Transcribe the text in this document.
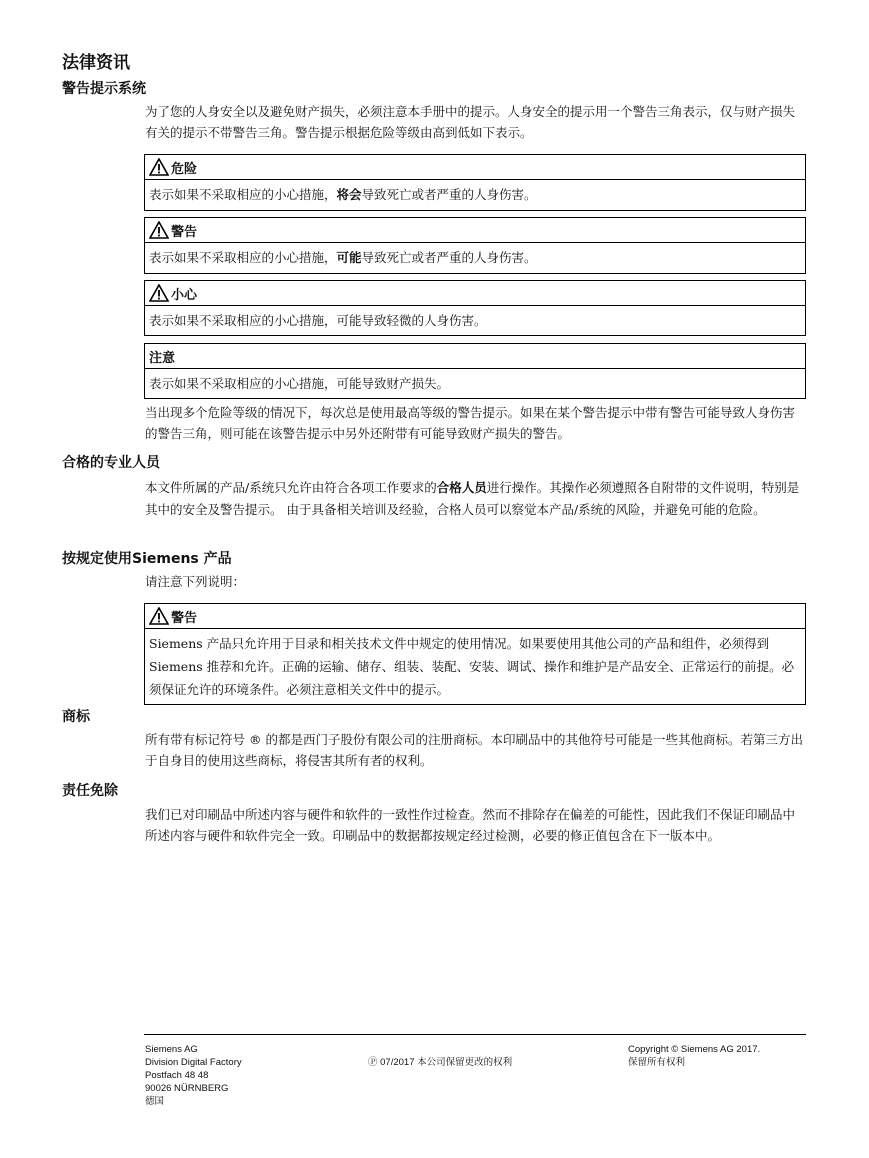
法律资讯
警告提示系统
为了您的人身安全以及避免财产损失，必须注意本手册中的提示。人身安全的提示用一个警告三角表示，仅与财产损失有关的提示不带警告三角。警告提示根据危险等级由高到低如下表示。
危险
表示如果不采取相应的小心措施，将会导致死亡或者严重的人身伤害。
警告
表示如果不采取相应的小心措施，可能导致死亡或者严重的人身伤害。
小心
表示如果不采取相应的小心措施，可能导致轻微的人身伤害。
注意
表示如果不采取相应的小心措施，可能导致财产损失。
当出现多个危险等级的情况下，每次总是使用最高等级的警告提示。如果在某个警告提示中带有警告可能导致人身伤害的警告三角，则可能在该警告提示中另外还附带有可能导致财产损失的警告。
合格的专业人员
本文件所属的产品/系统只允许由符合各项工作要求的合格人员进行操作。其操作必须遵照各自附带的文件说明，特别是其中的安全及警告提示。 由于具备相关培训及经验，合格人员可以察觉本产品/系统的风险，并避免可能的危险。
按规定使用Siemens 产品
请注意下列说明：
警告
Siemens 产品只允许用于目录和相关技术文件中规定的使用情况。如果要使用其他公司的产品和组件，必须得到 Siemens 推荐和允许。正确的运输、储存、组装、装配、安装、调试、操作和维护是产品安全、正常运行的前提。必须保证允许的环境条件。必须注意相关文件中的提示。
商标
所有带有标记符号 ® 的都是西门子股份有限公司的注册商标。本印刷品中的其他符号可能是一些其他商标。若第三方出于自身目的使用这些商标，将侵害其所有者的权利。
责任免除
我们已对印刷品中所述内容与硬件和软件的一致性作过检查。然而不排除存在偏差的可能性，因此我们不保证印刷品中所述内容与硬件和软件完全一致。印刷品中的数据都按规定经过检测，必要的修正值包含在下一版本中。
Siemens AG
Division Digital Factory
Postfach 48 48
90026 NÜRNBERG
德国
Ⓟ 07/2017 本公司保留更改的权利
Copyright © Siemens AG 2017.
保留所有权利
